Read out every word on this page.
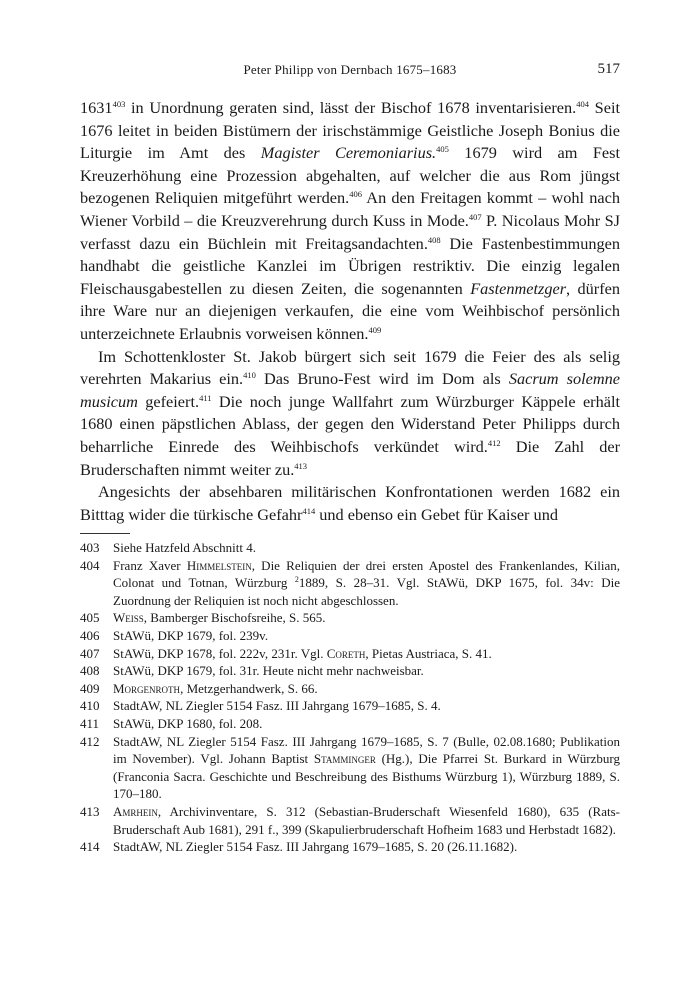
Peter Philipp von Dernbach 1675–1683	517

1631$^{403}$ in Unordnung geraten sind, lässt der Bischof 1678 inventarisieren.$^{404}$ Seit 1676 leitet in beiden Bistümern der irischstämmige Geistliche Joseph Bonius die Liturgie im Amt des Magister Ceremoniarius.$^{405}$ 1679 wird am Fest Kreuzerhöhung eine Prozession abgehalten, auf welcher die aus Rom jüngst bezogenen Reliquien mitgeführt werden.$^{406}$ An den Freitagen kommt – wohl nach Wiener Vorbild – die Kreuzverehrung durch Kuss in Mode.$^{407}$ P. Nicolaus Mohr SJ verfasst dazu ein Büchlein mit Freitagsandachten.$^{408}$ Die Fastenbestimmungen handhabt die geistliche Kanzlei im Übrigen restriktiv. Die einzig legalen Fleischausgabestellen zu diesen Zeiten, die sogenannten Fastenmetzger, dürfen ihre Ware nur an diejenigen verkaufen, die eine vom Weihbischof persönlich unterzeichnete Erlaubnis vorweisen können.$^{409}$

Im Schottenkloster St. Jakob bürgert sich seit 1679 die Feier des als selig verehrten Makarius ein.$^{410}$ Das Bruno-Fest wird im Dom als Sacrum solemne musicum gefeiert.$^{411}$ Die noch junge Wallfahrt zum Würzburger Käppele erhält 1680 einen päpstlichen Ablass, der gegen den Widerstand Peter Philipps durch beharrliche Einrede des Weihbischofs verkündet wird.$^{412}$ Die Zahl der Bruderschaften nimmt weiter zu.$^{413}$

Angesichts der absehbaren militärischen Konfrontationen werden 1682 ein Bitttag wider die türkische Gefahr$^{414}$ und ebenso ein Gebet für Kaiser und

403	Siehe Hatzfeld Abschnitt 4.
404	Franz Xaver Himmelstein, Die Reliquien der drei ersten Apostel des Frankenlandes, Kilian, Colonat und Totnan, Würzburg $^2$1889, S. 28–31. Vgl. StAWü, DKP 1675, fol. 34v: Die Zuordnung der Reliquien ist noch nicht abgeschlossen.
405	Weiss, Bamberger Bischofsreihe, S. 565.
406	StAWü, DKP 1679, fol. 239v.
407	StAWü, DKP 1678, fol. 222v, 231r. Vgl. Coreth, Pietas Austriaca, S. 41.
408	StAWü, DKP 1679, fol. 31r. Heute nicht mehr nachweisbar.
409	Morgenroth, Metzgerhandwerk, S. 66.
410	StadtAW, NL Ziegler 5154 Fasz. III Jahrgang 1679–1685, S. 4.
411	StAWü, DKP 1680, fol. 208.
412	StadtAW, NL Ziegler 5154 Fasz. III Jahrgang 1679–1685, S. 7 (Bulle, 02.08.1680; Publikation im November). Vgl. Johann Baptist Stamminger (Hg.), Die Pfarrei St. Burkard in Würzburg (Franconia Sacra. Geschichte und Beschreibung des Bisthums Würzburg 1), Würzburg 1889, S. 170–180.
413	Amrhein, Archivinventare, S. 312 (Sebastian-Bruderschaft Wiesenfeld 1680), 635 (Rats-Bruderschaft Aub 1681), 291 f., 399 (Skapulierbruderschaft Hofheim 1683 und Herbstadt 1682).
414	StadtAW, NL Ziegler 5154 Fasz. III Jahrgang 1679–1685, S. 20 (26.11.1682).
